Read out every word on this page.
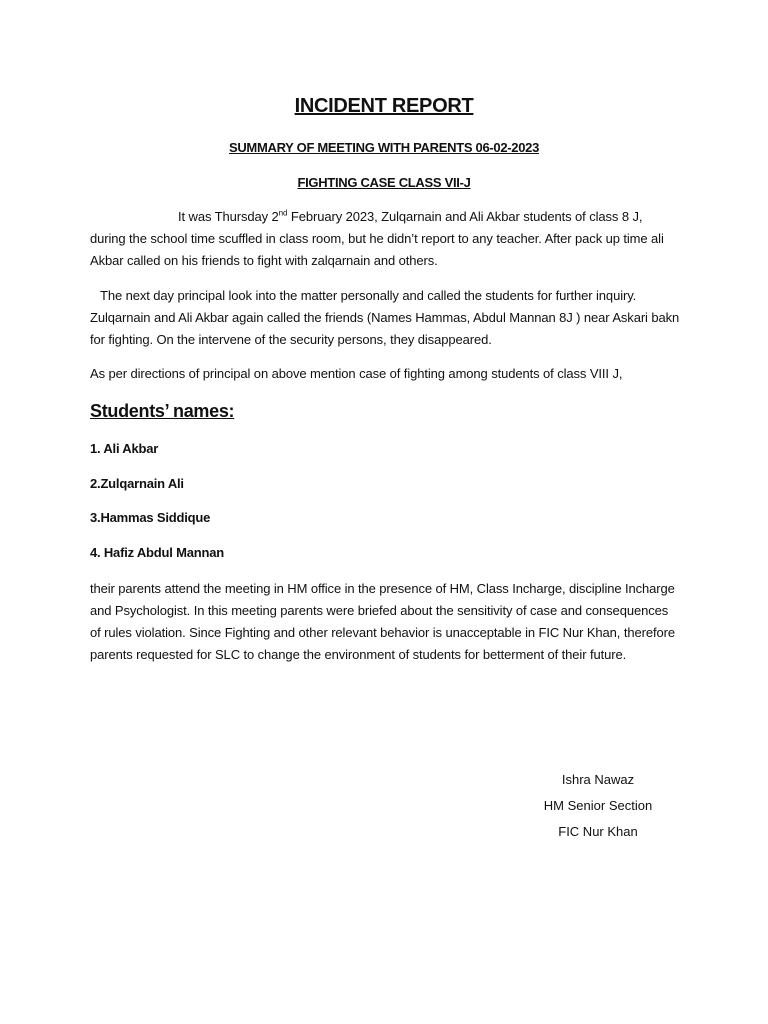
INCIDENT REPORT
SUMMARY OF MEETING WITH PARENTS 06-02-2023
FIGHTING CASE CLASS VII-J
It was Thursday 2nd February 2023, Zulqarnain and Ali Akbar students of class 8 J, during the school time scuffled in class room, but he didn’t report to any teacher. After pack up time ali Akbar called on his friends to fight with zalqarnain and others.
The next day principal look into the matter personally and called the students for further inquiry. Zulqarnain and Ali Akbar again called the friends (Names Hammas, Abdul Mannan 8J ) near Askari bakn for fighting. On the intervene of the security persons, they disappeared.
As per directions of principal on above mention case of fighting among students of class VIII J,
Students’ names:
1. Ali Akbar
2.Zulqarnain Ali
3.Hammas Siddique
4. Hafiz Abdul Mannan
their parents attend the meeting in HM office in the presence of HM, Class Incharge, discipline Incharge and Psychologist. In this meeting parents were briefed about the sensitivity of case and consequences of rules violation. Since Fighting and other relevant behavior is unacceptable in FIC Nur Khan, therefore parents requested for SLC to change the environment of students for betterment of their future.
Ishra Nawaz
HM Senior Section
FIC Nur Khan
